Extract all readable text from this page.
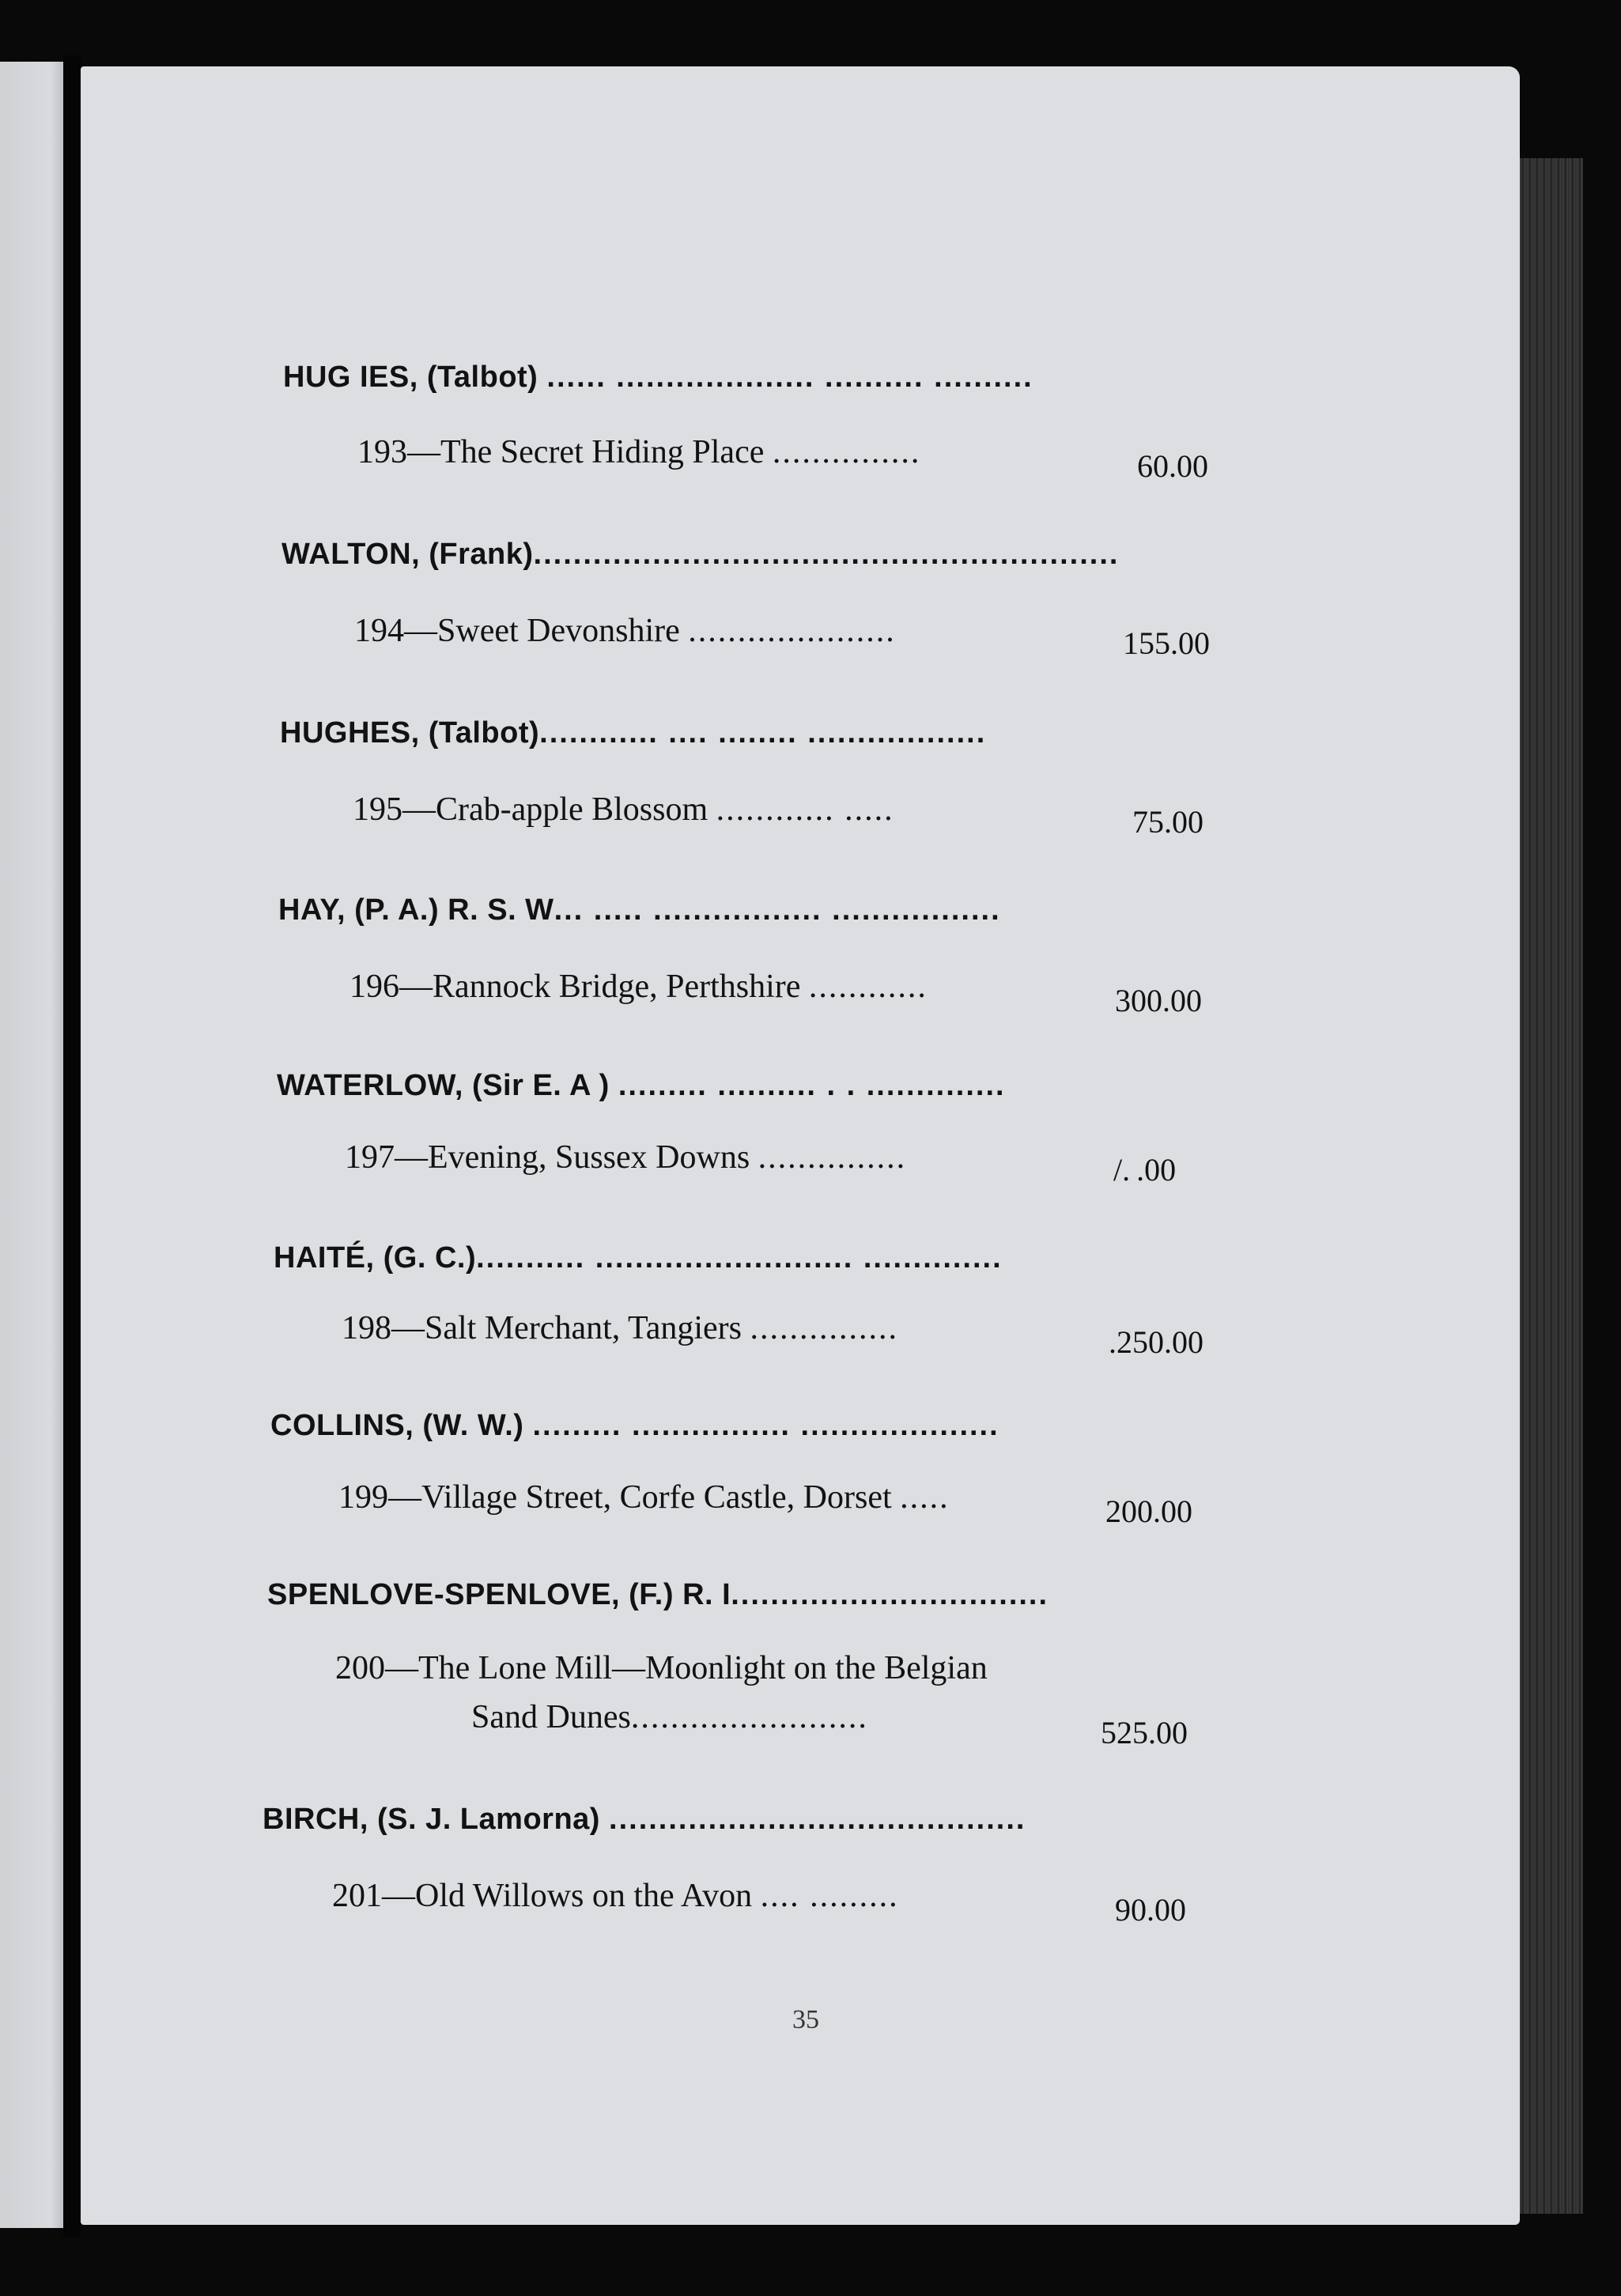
HUG IES, (Talbot) ...... .................... .......... ..........

193—The Secret Hiding Place ...............	60.00

WALTON, (Frank)...........................................................

194—Sweet Devonshire .....................	155.00

HUGHES, (Talbot)............ .... ........ ..................

195—Crab-apple Blossom ............ .....	75.00

HAY, (P. A.) R. S. W... ..... ................. .................

196—Rannock Bridge, Perthshire ............	300.00

WATERLOW, (Sir E. A ) ......... .......... . . ..............

197—Evening, Sussex Downs ...............	/. .00

HAITÉ, (G. C.)........... .......................... ..............

198—Salt Merchant, Tangiers ...............	.250.00

COLLINS, (W. W.) ......... ................ ....................

199—Village Street, Corfe Castle, Dorset .....	200.00

SPENLOVE-SPENLOVE, (F.) R. I................................

200—The Lone Mill—Moonlight on the Belgian

Sand Dunes........................	525.00

BIRCH, (S. J. Lamorna) ..........................................

201—Old Willows on the Avon .... .........	90.00
35
